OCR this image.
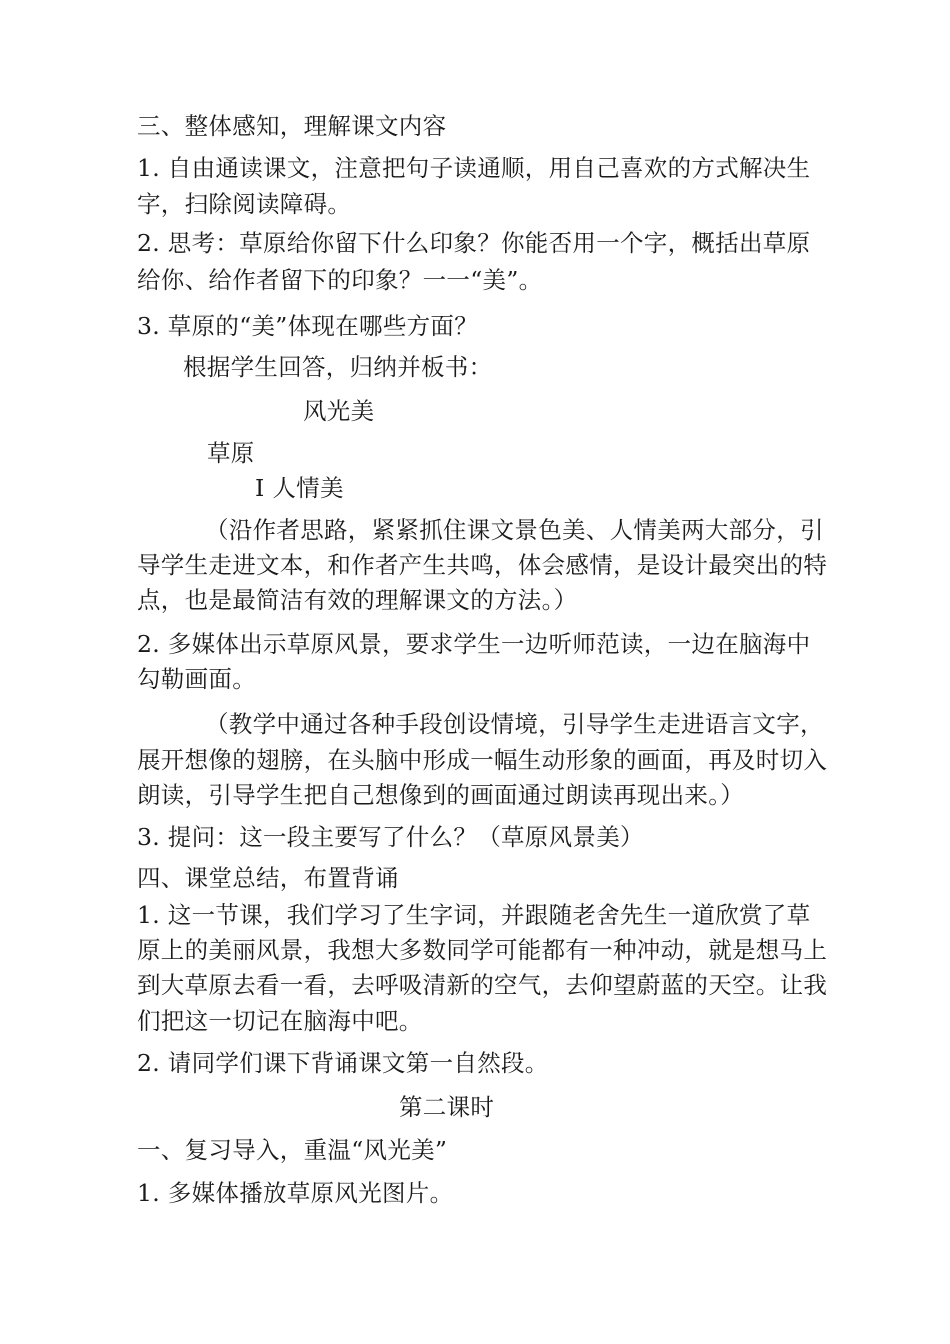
三、整体感知，理解课文内容
1. 自由通读课文，注意把句子读通顺，用自己喜欢的方式解决生
字，扫除阅读障碍。
2. 思考：草原给你留下什么印象？你能否用一个字，概括出草原
给你、给作者留下的印象？一一“美”。
3. 草原的“美”体现在哪些方面？
根据学生回答，归纳并板书：
风光美
草原
I 人情美
（沿作者思路，紧紧抓住课文景色美、人情美两大部分，引
导学生走进文本，和作者产生共鸣，体会感情，是设计最突出的特
点，也是最简洁有效的理解课文的方法。）
2. 多媒体出示草原风景，要求学生一边听师范读，一边在脑海中
勾勒画面。
（教学中通过各种手段创设情境，引导学生走进语言文字，
展开想像的翅膀，在头脑中形成一幅生动形象的画面，再及时切入
朗读，引导学生把自己想像到的画面通过朗读再现出来。）
3. 提问：这一段主要写了什么？（草原风景美）
四、课堂总结，布置背诵
1. 这一节课，我们学习了生字词，并跟随老舍先生一道欣赏了草
原上的美丽风景，我想大多数同学可能都有一种冲动，就是想马上
到大草原去看一看，去呼吸清新的空气，去仰望蔚蓝的天空。让我
们把这一切记在脑海中吧。
2. 请同学们课下背诵课文第一自然段。
第二课时
一、复习导入，重温“风光美”
1. 多媒体播放草原风光图片。
